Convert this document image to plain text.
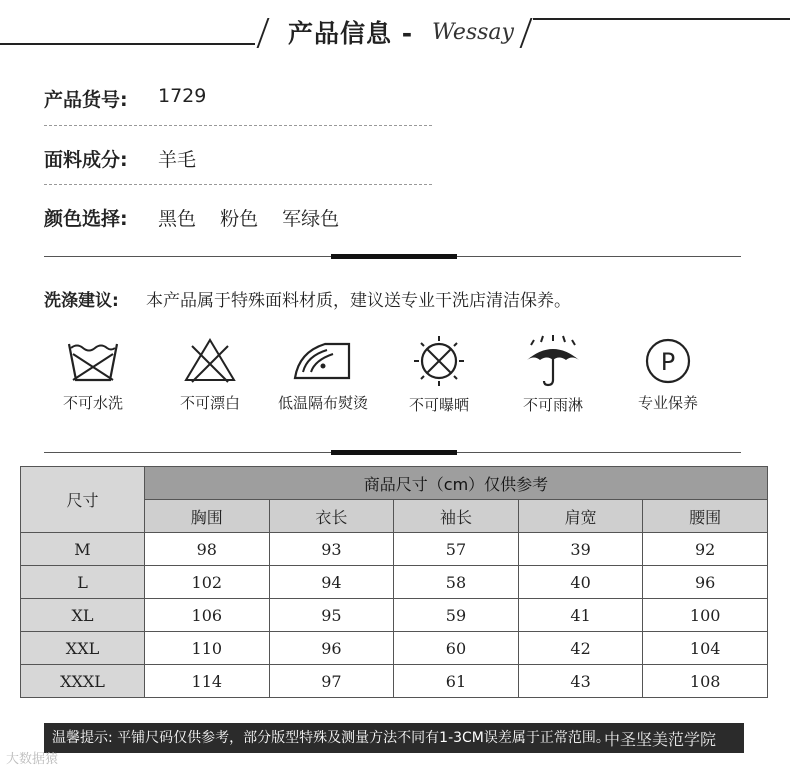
产品信息 - Wessay
产品货号: 1729
面料成分: 羊毛
颜色选择: 黑色 粉色 军绿色
洗涤建议: 本产品属于特殊面料材质，建议送专业干洗店清洁保养。
不可水洗	不可漂白	低温隔布熨烫	不可曝晒	不可雨淋
P
专业保养
尺寸	商品尺寸（cm）仅供参考				
	胸围	衣长	袖长	肩宽	腰围
M	98	93	57	39	92
L	102	94	58	40	96
XL	106	95	59	41	100
XXL	110	96	60	42	104
XXXL	114	97	61	43	108
温馨提示: 平铺尺码仅供参考，部分版型特殊及测量方法不同有1-3CM误差属于正常范围。
中圣坚美范学院
大数据猿
